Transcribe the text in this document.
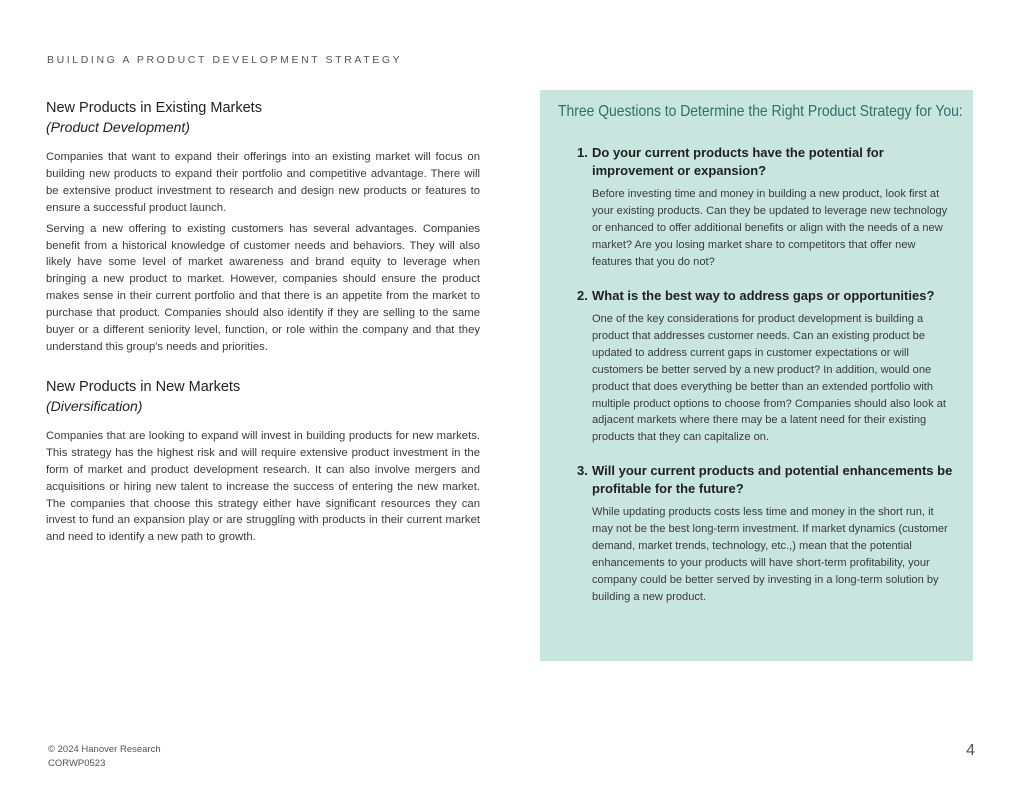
BUILDING A PRODUCT DEVELOPMENT STRATEGY

New Products in Existing Markets

(Product Development)

Companies that want to expand their offerings into an existing market will focus on building new products to expand their portfolio and competitive advantage. There will be extensive product investment to research and design new products or features to ensure a successful product launch.

Serving a new offering to existing customers has several advantages. Companies benefit from a historical knowledge of customer needs and behaviors. They will also likely have some level of market awareness and brand equity to leverage when bringing a new product to market. However, companies should ensure the product makes sense in their current portfolio and that there is an appetite from the market to purchase that product. Companies should also identify if they are selling to the same buyer or a different seniority level, function, or role within the company and that they understand this group's needs and priorities.

New Products in New Markets

(Diversification)

Companies that are looking to expand will invest in building products for new markets. This strategy has the highest risk and will require extensive product investment in the form of market and product development research. It can also involve mergers and acquisitions or hiring new talent to increase the success of entering the new market. The companies that choose this strategy either have significant resources they can invest to fund an expansion play or are struggling with products in their current market and need to identify a new path to growth.

Three Questions to Determine the Right Product Strategy for You:

1. Do your current products have the potential for improvement or expansion?

Before investing time and money in building a new product, look first at your existing products. Can they be updated to leverage new technology or enhanced to offer additional benefits or align with the needs of a new market? Are you losing market share to competitors that offer new features that you do not?

2. What is the best way to address gaps or opportunities?

One of the key considerations for product development is building a product that addresses customer needs. Can an existing product be updated to address current gaps in customer expectations or will customers be better served by a new product? In addition, would one product that does everything be better than an extended portfolio with multiple product options to choose from? Companies should also look at adjacent markets where there may be a latent need for their existing products that they can capitalize on.

3. Will your current products and potential enhancements be profitable for the future?

While updating products costs less time and money in the short run, it may not be the best long-term investment. If market dynamics (customer demand, market trends, technology, etc.,) mean that the potential enhancements to your products will have short-term profitability, your company could be better served by investing in a long-term solution by building a new product.

© 2024 Hanover Research
CORWP0523
4
